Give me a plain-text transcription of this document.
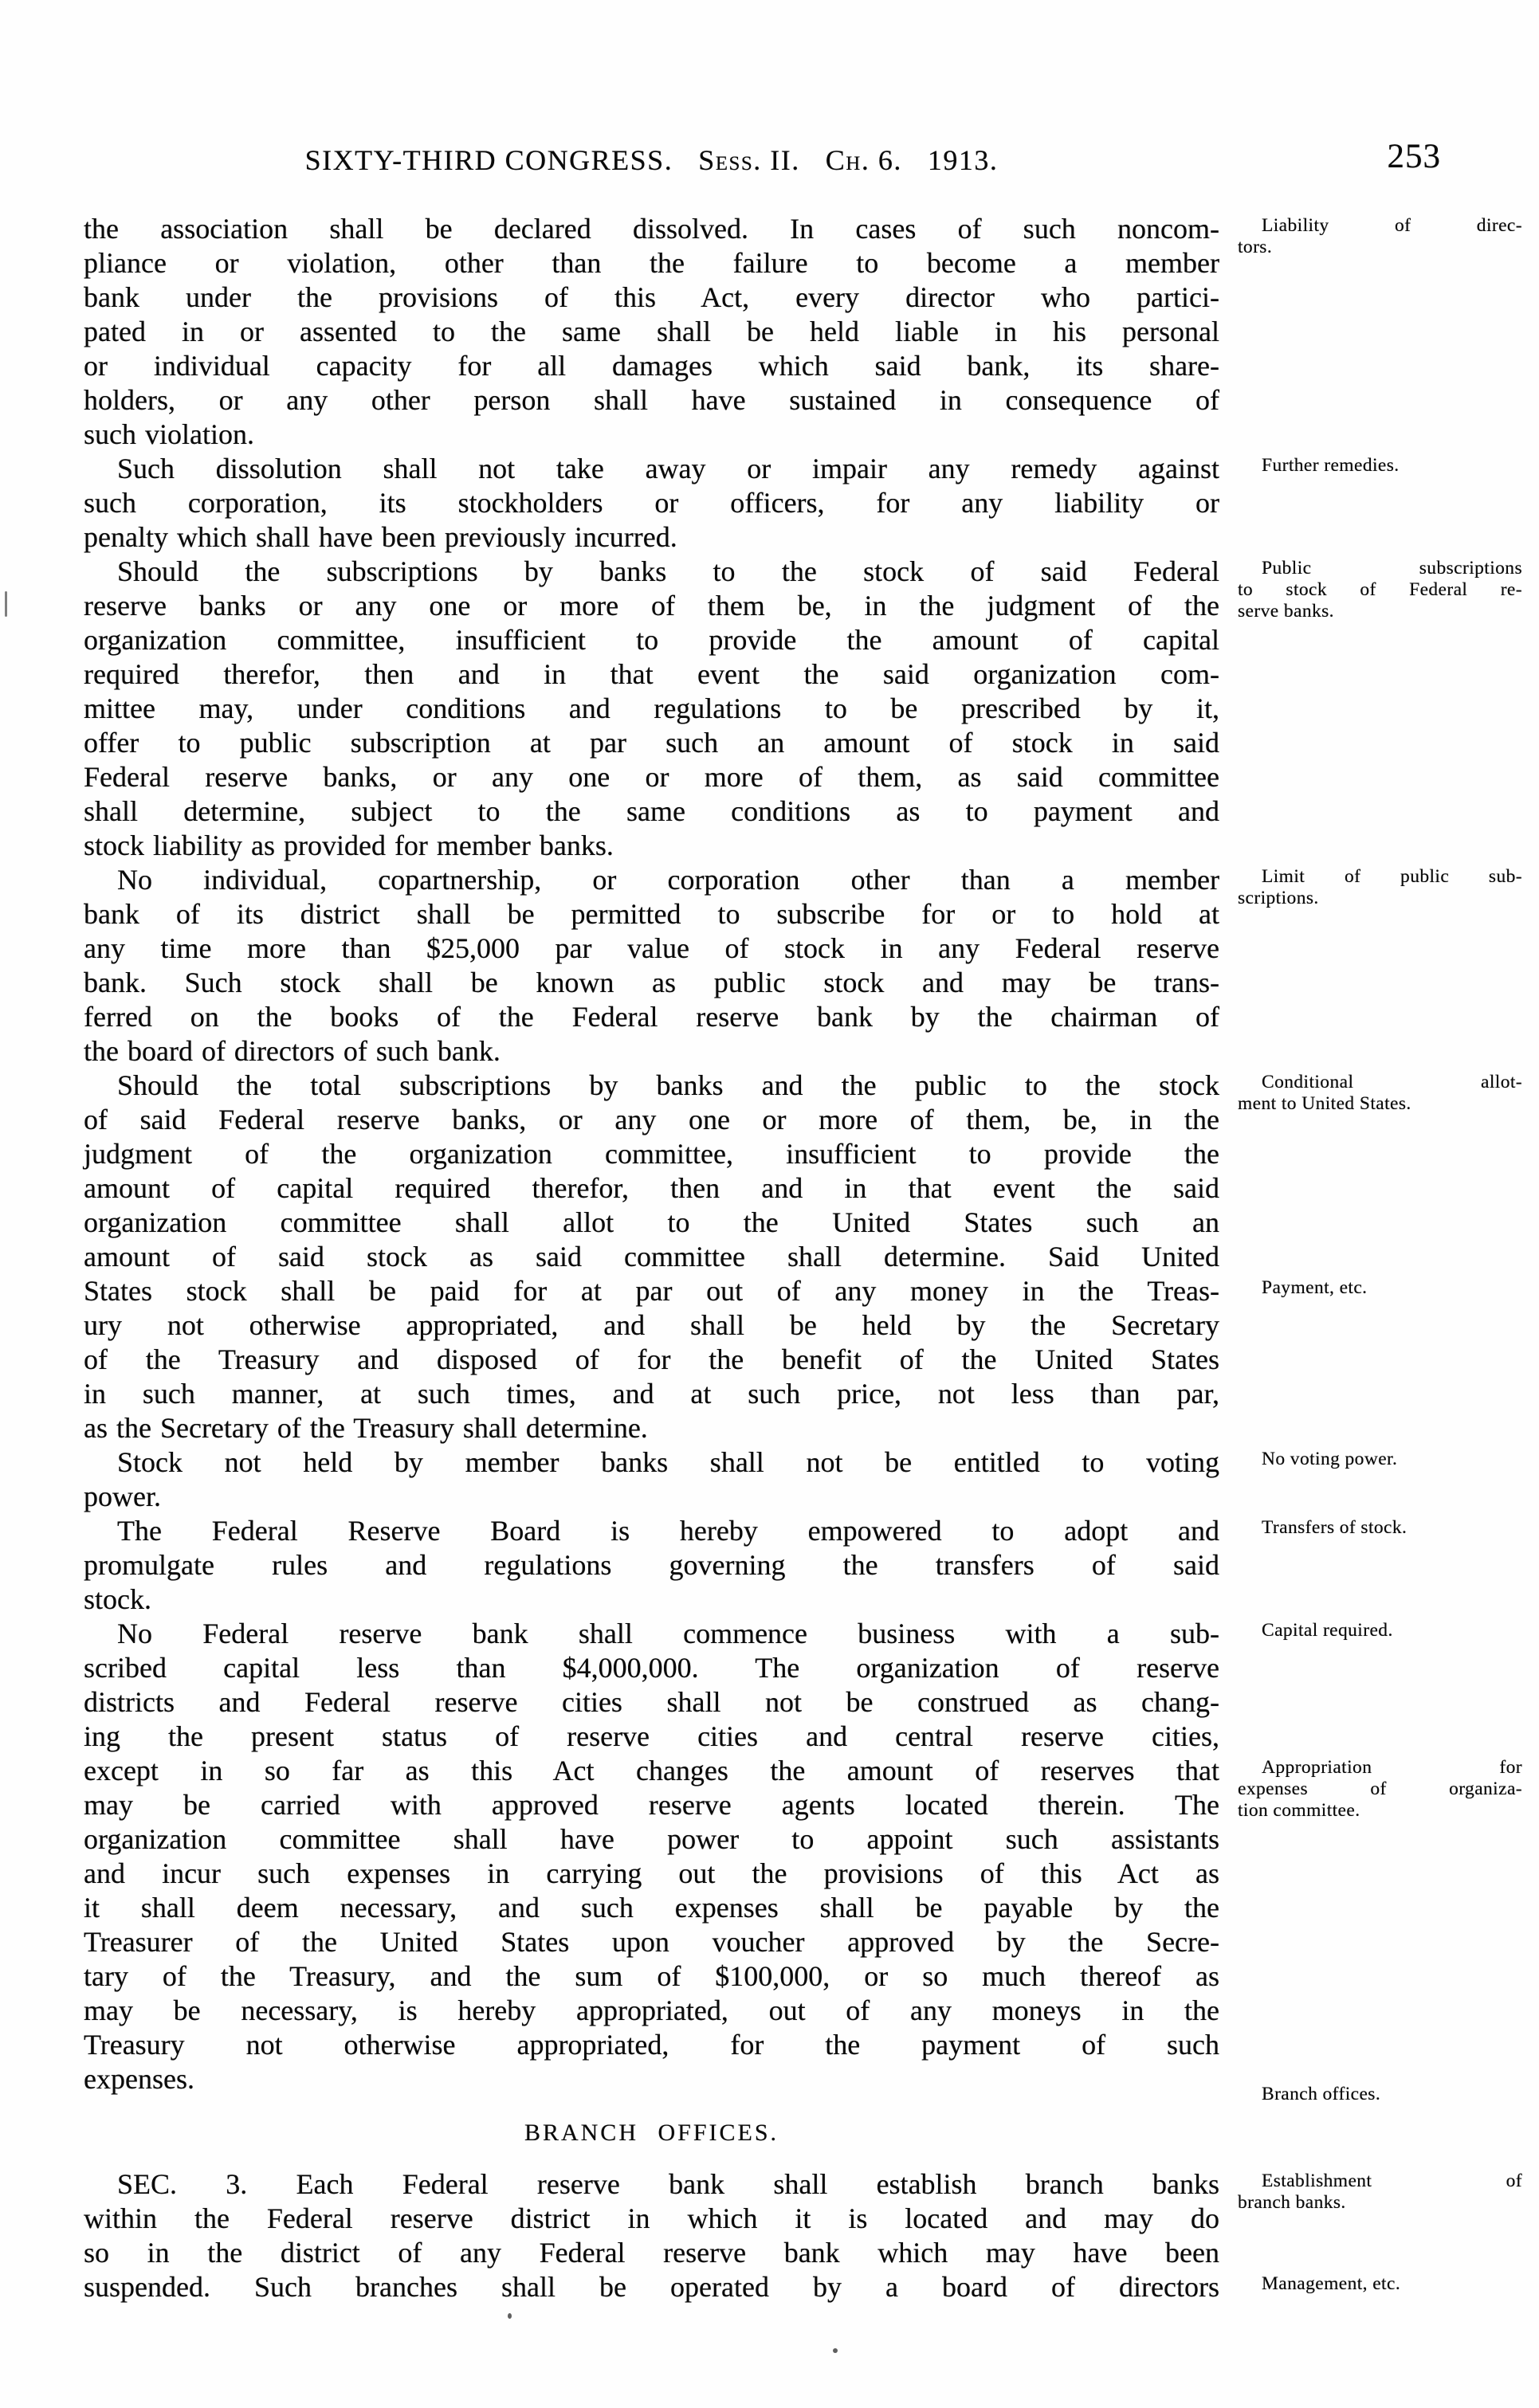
SIXTY-THIRD CONGRESS. Sess. II. Ch. 6. 1913.	253
the association shall be declared dissolved. In cases of such noncom-
pliance or violation, other than the failure to become a member
bank under the provisions of this Act, every director who partici-
pated in or assented to the same shall be held liable in his personal
or individual capacity for all damages which said bank, its share-
holders, or any other person shall have sustained in consequence of
such violation.
Such dissolution shall not take away or impair any remedy against
such corporation, its stockholders or officers, for any liability or
penalty which shall have been previously incurred.
Should the subscriptions by banks to the stock of said Federal
reserve banks or any one or more of them be, in the judgment of the
organization committee, insufficient to provide the amount of capital
required therefor, then and in that event the said organization com-
mittee may, under conditions and regulations to be prescribed by it,
offer to public subscription at par such an amount of stock in said
Federal reserve banks, or any one or more of them, as said committee
shall determine, subject to the same conditions as to payment and
stock liability as provided for member banks.
No individual, copartnership, or corporation other than a member
bank of its district shall be permitted to subscribe for or to hold at
any time more than $25,000 par value of stock in any Federal reserve
bank. Such stock shall be known as public stock and may be trans-
ferred on the books of the Federal reserve bank by the chairman of
the board of directors of such bank.
Should the total subscriptions by banks and the public to the stock
of said Federal reserve banks, or any one or more of them, be, in the
judgment of the organization committee, insufficient to provide the
amount of capital required therefor, then and in that event the said
organization committee shall allot to the United States such an
amount of said stock as said committee shall determine. Said United
States stock shall be paid for at par out of any money in the Treas-
ury not otherwise appropriated, and shall be held by the Secretary
of the Treasury and disposed of for the benefit of the United States
in such manner, at such times, and at such price, not less than par,
as the Secretary of the Treasury shall determine.
Stock not held by member banks shall not be entitled to voting
power.
The Federal Reserve Board is hereby empowered to adopt and
promulgate rules and regulations governing the transfers of said
stock.
No Federal reserve bank shall commence business with a sub-
scribed capital less than $4,000,000. The organization of reserve
districts and Federal reserve cities shall not be construed as chang-
ing the present status of reserve cities and central reserve cities,
except in so far as this Act changes the amount of reserves that
may be carried with approved reserve agents located therein. The
organization committee shall have power to appoint such assistants
and incur such expenses in carrying out the provisions of this Act as
it shall deem necessary, and such expenses shall be payable by the
Treasurer of the United States upon voucher approved by the Secre-
tary of the Treasury, and the sum of $100,000, or so much thereof as
may be necessary, is hereby appropriated, out of any moneys in the
Treasury not otherwise appropriated, for the payment of such
expenses.
BRANCH OFFICES.
SEC. 3. Each Federal reserve bank shall establish branch banks
within the Federal reserve district in which it is located and may do
so in the district of any Federal reserve bank which may have been
suspended. Such branches shall be operated by a board of directors
Liability of direc-
tors.
Further remedies.
Public subscriptions
to stock of Federal re-
serve banks.
Limit of public sub-
scriptions.
Conditional allot-
ment to United States.
Payment, etc.
No voting power.
Transfers of stock.
Capital required.
Appropriation for
expenses of organiza-
tion committee.
Branch offices.
Establishment of
branch banks.
Management, etc.
